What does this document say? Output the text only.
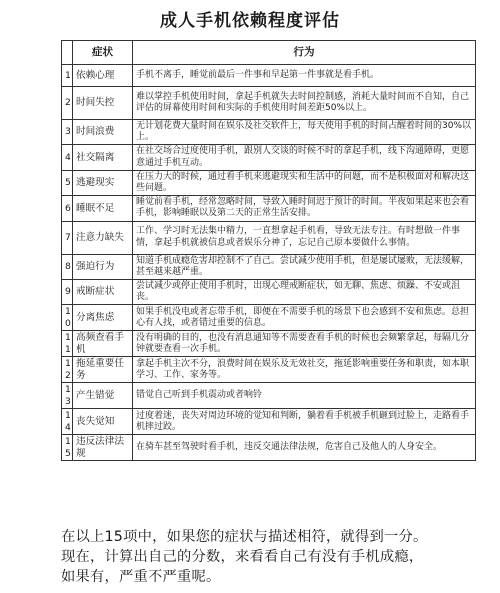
成人手机依赖程度评估
	症状	行为
1	依赖心理	手机不离手，睡觉前最后一件事和早起第一件事就是看手机。
2	时间失控	难以掌控手机使用时间，拿起手机就失去时间控制感，消耗大量时间而不自知，自己评估的屏幕使用时间和实际的手机使用时间差距50%以上。
3	时间浪费	无计划花费大量时间在娱乐及社交软件上，每天使用手机的时间占醒着时间的30%以上。
4	社交隔离	在社交场合过度使用手机，跟别人交谈的时候不时的拿起手机，线下沟通障碍，更愿意通过手机互动。
5	逃避现实	在压力大的时候，通过看手机来逃避现实和生活中的问题，而不是积极面对和解决这些问题。
6	睡眠不足	睡觉前看手机，经常忽略时间，导致入睡时间迟于预计的时间。半夜如果起来也会看手机，影响睡眠以及第二天的正常生活安排。
7	注意力缺失	工作、学习时无法集中精力，一直想拿起手机看，导致无法专注。有时想做一件事情，拿起手机就被信息或者娱乐分神了，忘记自己原本要做什么事情。
8	强迫行为	知道手机成瘾危害却控制不了自己。尝试减少使用手机，但是屡试屡败，无法缓解，甚至越来越严重。
9	戒断症状	尝试减少或停止使用手机时，出现心理戒断症状，如无聊、焦虑、烦躁、不安或沮丧。
10	分离焦虑	如果手机没电或者忘带手机，即便在不需要手机的场景下也会感到不安和焦虑。总担心有人找，或者错过重要的信息。
11	高频查看手机	没有明确的目的，也没有消息通知等不需要查看手机的时候也会频繁拿起，每隔几分钟就要查看一次手机。
12	拖延重要任务	拿起手机主次不分，浪费时间在娱乐及无效社交，拖延影响重要任务和职责，如本职学习、工作、家务等。
13	产生错觉	错觉自己听到手机震动或者响铃
14	丧失觉知	过度着迷，丧失对周边环境的觉知和判断，躺着看手机被手机砸到过脸上，走路看手机摔过跤。
15	违反法律法规	在骑车甚至驾驶时看手机，违反交通法律法规，危害自己及他人的人身安全。
在以上15项中，如果您的症状与描述相符，就得到一分。
现在，计算出自己的分数，来看看自己有没有手机成瘾，
如果有，严重不严重呢。
